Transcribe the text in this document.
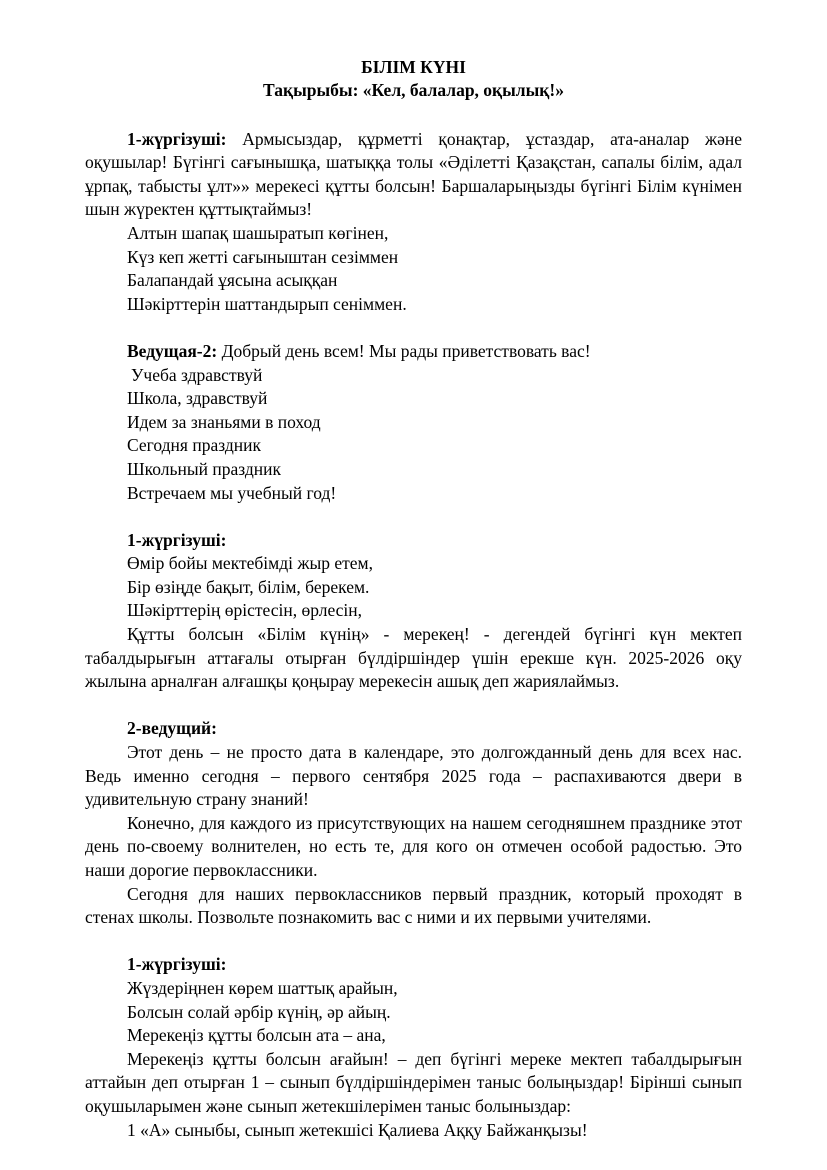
БІЛІМ КҮНІ
Тақырыбы: «Кел, балалар, оқылық!»

1-жүргізуші: Армысыздар, құрметті қонақтар, ұстаздар, ата-аналар және оқушылар! Бүгінгі сағынышқа, шатыққа толы «Әділетті Қазақстан, сапалы білім, адал ұрпақ, табысты ұлт»» мерекесі құтты болсын! Баршаларыңызды бүгінгі Білім күнімен шын жүректен құттықтаймыз!

Алтын шапақ шашыратып көгінен,

Күз кеп жетті сағыныштан сезіммен

Балапандай ұясына асыққан

Шәкірттерін шаттандырып сеніммен.

Ведущая-2: Добрый день всем! Мы рады приветствовать вас!

Учеба здравствуй

Школа, здравствуй

Идем за знаньями в поход

Сегодня праздник

Школьный праздник

Встречаем мы учебный год!

1-жүргізуші:

Өмір бойы мектебімді жыр етем,

Бір өзіңде бақыт, білім, берекем.

Шәкірттерің өрістесін, өрлесін,

Құтты болсын «Білім күнің» - мерекең! - дегендей бүгінгі күн мектеп табалдырығын аттағалы отырған бүлдіршіндер үшін ерекше күн. 2025-2026 оқу жылына арналған алғашқы қоңырау мерекесін ашық деп жариялаймыз.

2-ведущий:

Этот день – не просто дата в календаре, это долгожданный день для всех нас. Ведь именно сегодня – первого сентября 2025 года – распахиваются двери в удивительную страну знаний!

Конечно, для каждого из присутствующих на нашем сегодняшнем празднике этот день по-своему волнителен, но есть те, для кого он отмечен особой радостью. Это наши дорогие первоклассники.

Сегодня для наших первоклассников первый праздник, который проходят в стенах школы. Позвольте познакомить вас с ними и их первыми учителями.

1-жүргізуші:

Жүздеріңнен көрем шаттық арайын,

Болсын солай әрбір күнің, әр айың.

Мерекеңіз құтты болсын ата – ана,

Мерекеңіз құтты болсын ағайын! – деп бүгінгі мереке мектеп табалдырығын аттайын деп отырған 1 – сынып бүлдіршіндерімен таныс болыңыздар! Бірінші сынып оқушыларымен және сынып жетекшілерімен таныс болыныздар:

1 «А» сыныбы, сынып жетекшісі Қалиева Аққу Байжанқызы!
